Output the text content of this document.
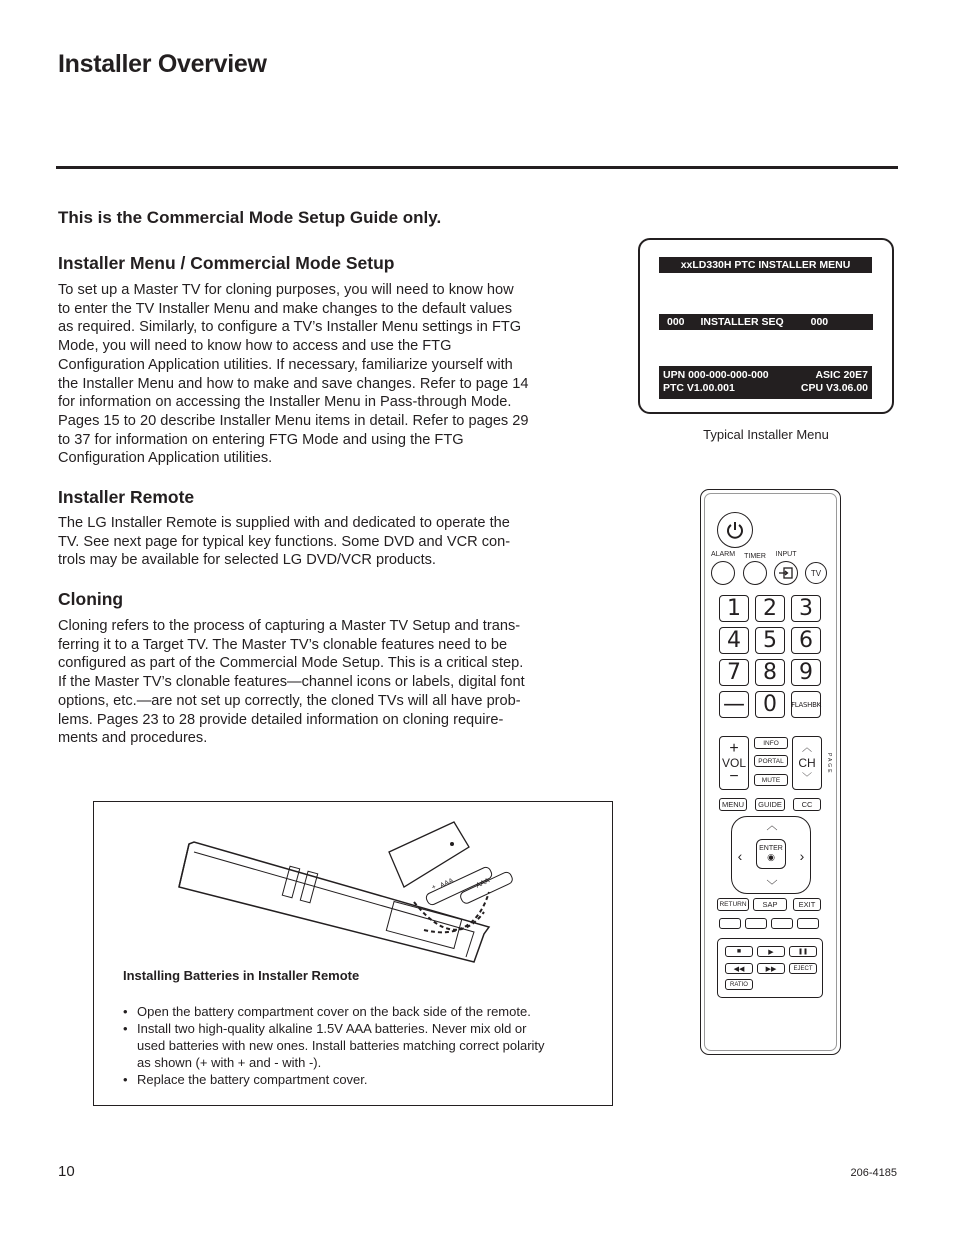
Installer Overview
This is the Commercial Mode Setup Guide only.
Installer Menu / Commercial Mode Setup
To set up a Master TV for cloning purposes, you will need to know how
to enter the TV Installer Menu and make changes to the default values
as required. Similarly, to configure a TV’s Installer Menu settings in FTG
Mode, you will need to know how to access and use the FTG
Configuration Application utilities. If necessary, familiarize yourself with
the Installer Menu and how to make and save changes. Refer to page 14
for information on accessing the Installer Menu in Pass-through Mode.
Pages 15 to 20 describe Installer Menu items in detail. Refer to pages 29
to 37 for information on entering FTG Mode and using the FTG
Configuration Application utilities.
Installer Remote
The LG Installer Remote is supplied with and dedicated to operate the
TV. See next page for typical key functions. Some DVD and VCR con-
trols may be available for selected LG DVD/VCR products.
Cloning
Cloning refers to the process of capturing a Master TV Setup and trans-
ferring it to a Target TV. The Master TV’s clonable features need to be
configured as part of the Commercial Mode Setup. This is a critical step.
If the Master TV’s clonable features—channel icons or labels, digital font
options, etc.—are not set up correctly, the cloned TVs will all have prob-
lems. Pages 23 to 28 provide detailed information on cloning require-
ments and procedures.
xxLD330H PTC INSTALLER MENU
000 INSTALLER SEQ	000
UPN 000-000-000-000	ASIC 20E7
PTC V1.00.001	CPU V3.06.00
Typical Installer Menu
ALARM	TIMER	INPUT
TV
1	2	3
4	5	6
7	8	9
— 0	FLASHBK
+
VOL
−
INFO
PORTAL
MUTE
︿
CH
﹀
PAGE
MENU	GUIDE	CC
︿
﹀
‹	›
ENTER
◉
RETURN	SAP	EXIT
■	▶	❚❚
◀◀	▶▶	EJECT
RATIO
+ AAA	AAA
Installing Batteries in Installer Remote
• Open the battery compartment cover on the back side of the remote.
• Install two high-quality alkaline 1.5V AAA batteries. Never mix old or used batteries with new ones. Install batteries matching correct polarity as shown (+ with + and - with -).
• Replace the battery compartment cover.
10	206-4185
